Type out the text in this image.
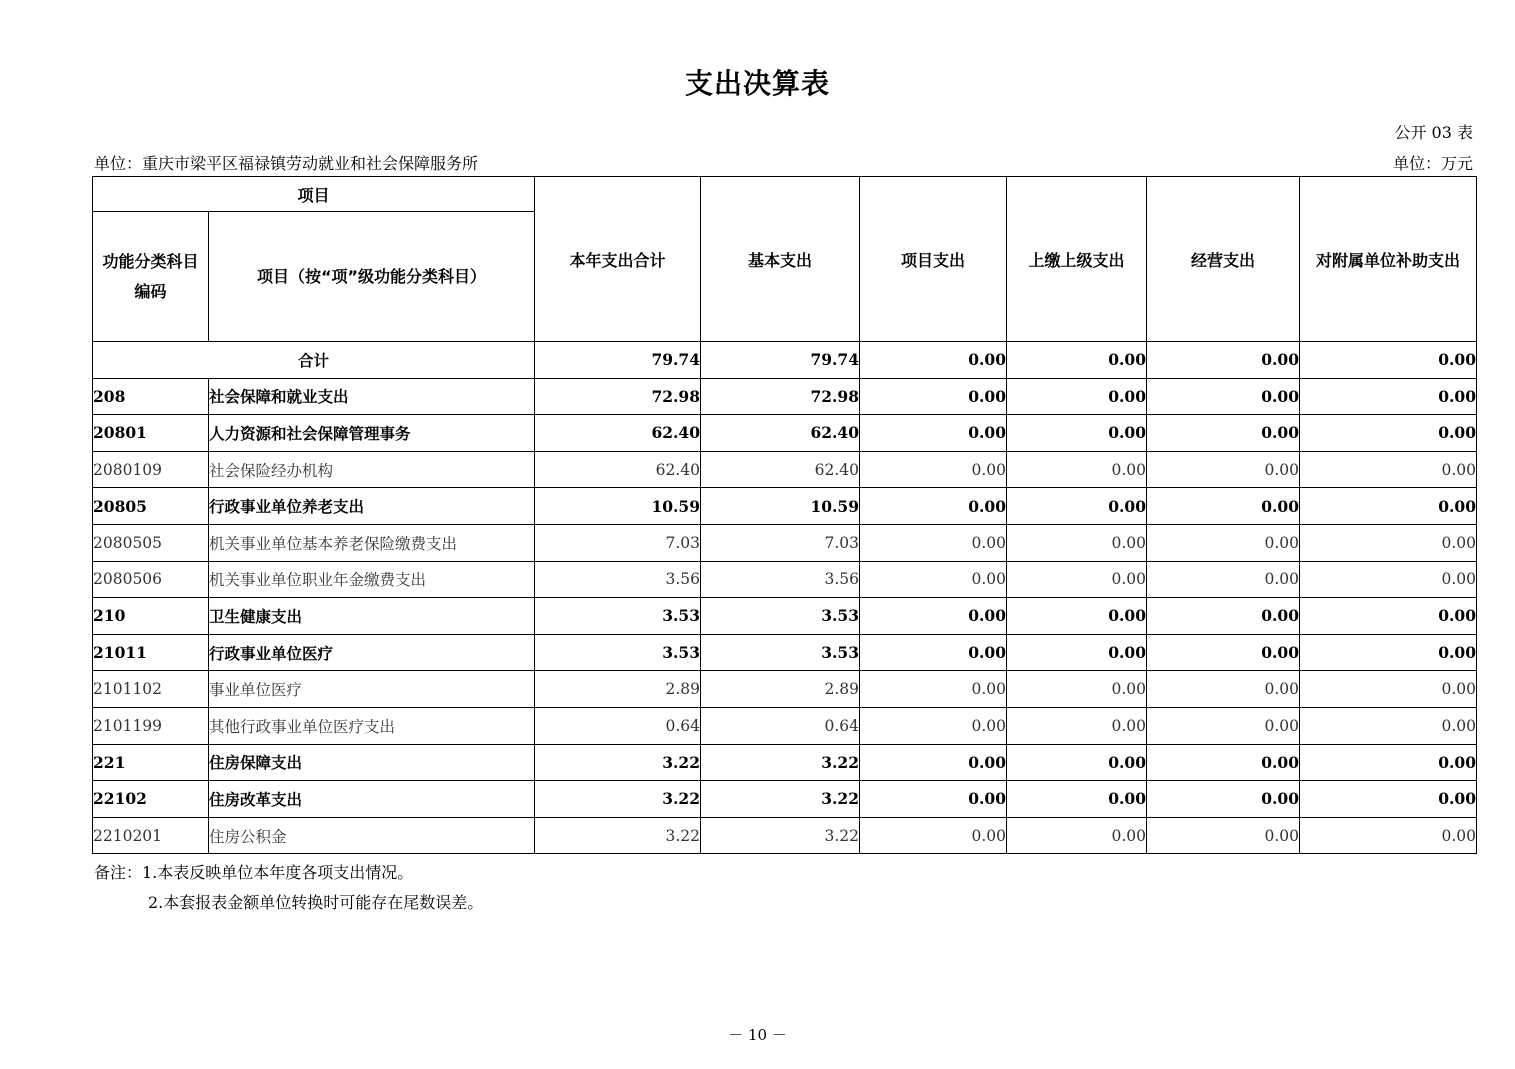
支出决算表
公开 03 表
单位：重庆市梁平区福禄镇劳动就业和社会保障服务所	单位：万元
项目		本年支出合计	基本支出	项目支出	上缴上级支出	经营支出	对附属单位补助支出

功能分类科目
编码	项目（按“项”级功能分类科目）						
合计		79.74	79.74	0.00	0.00	0.00	0.00
208	社会保障和就业支出	72.98	72.98	0.00	0.00	0.00	0.00
20801	人力资源和社会保障管理事务	62.40	62.40	0.00	0.00	0.00	0.00
2080109	社会保险经办机构	62.40	62.40	0.00	0.00	0.00	0.00
20805	行政事业单位养老支出	10.59	10.59	0.00	0.00	0.00	0.00
2080505	机关事业单位基本养老保险缴费支出	7.03	7.03	0.00	0.00	0.00	0.00
2080506	机关事业单位职业年金缴费支出	3.56	3.56	0.00	0.00	0.00	0.00
210	卫生健康支出	3.53	3.53	0.00	0.00	0.00	0.00
21011	行政事业单位医疗	3.53	3.53	0.00	0.00	0.00	0.00
2101102	事业单位医疗	2.89	2.89	0.00	0.00	0.00	0.00
2101199	其他行政事业单位医疗支出	0.64	0.64	0.00	0.00	0.00	0.00
221	住房保障支出	3.22	3.22	0.00	0.00	0.00	0.00
22102	住房改革支出	3.22	3.22	0.00	0.00	0.00	0.00
2210201	住房公积金	3.22	3.22	0.00	0.00	0.00	0.00
备注：1.本表反映单位本年度各项支出情况。
2.本套报表金额单位转换时可能存在尾数误差。
－ 10 －
